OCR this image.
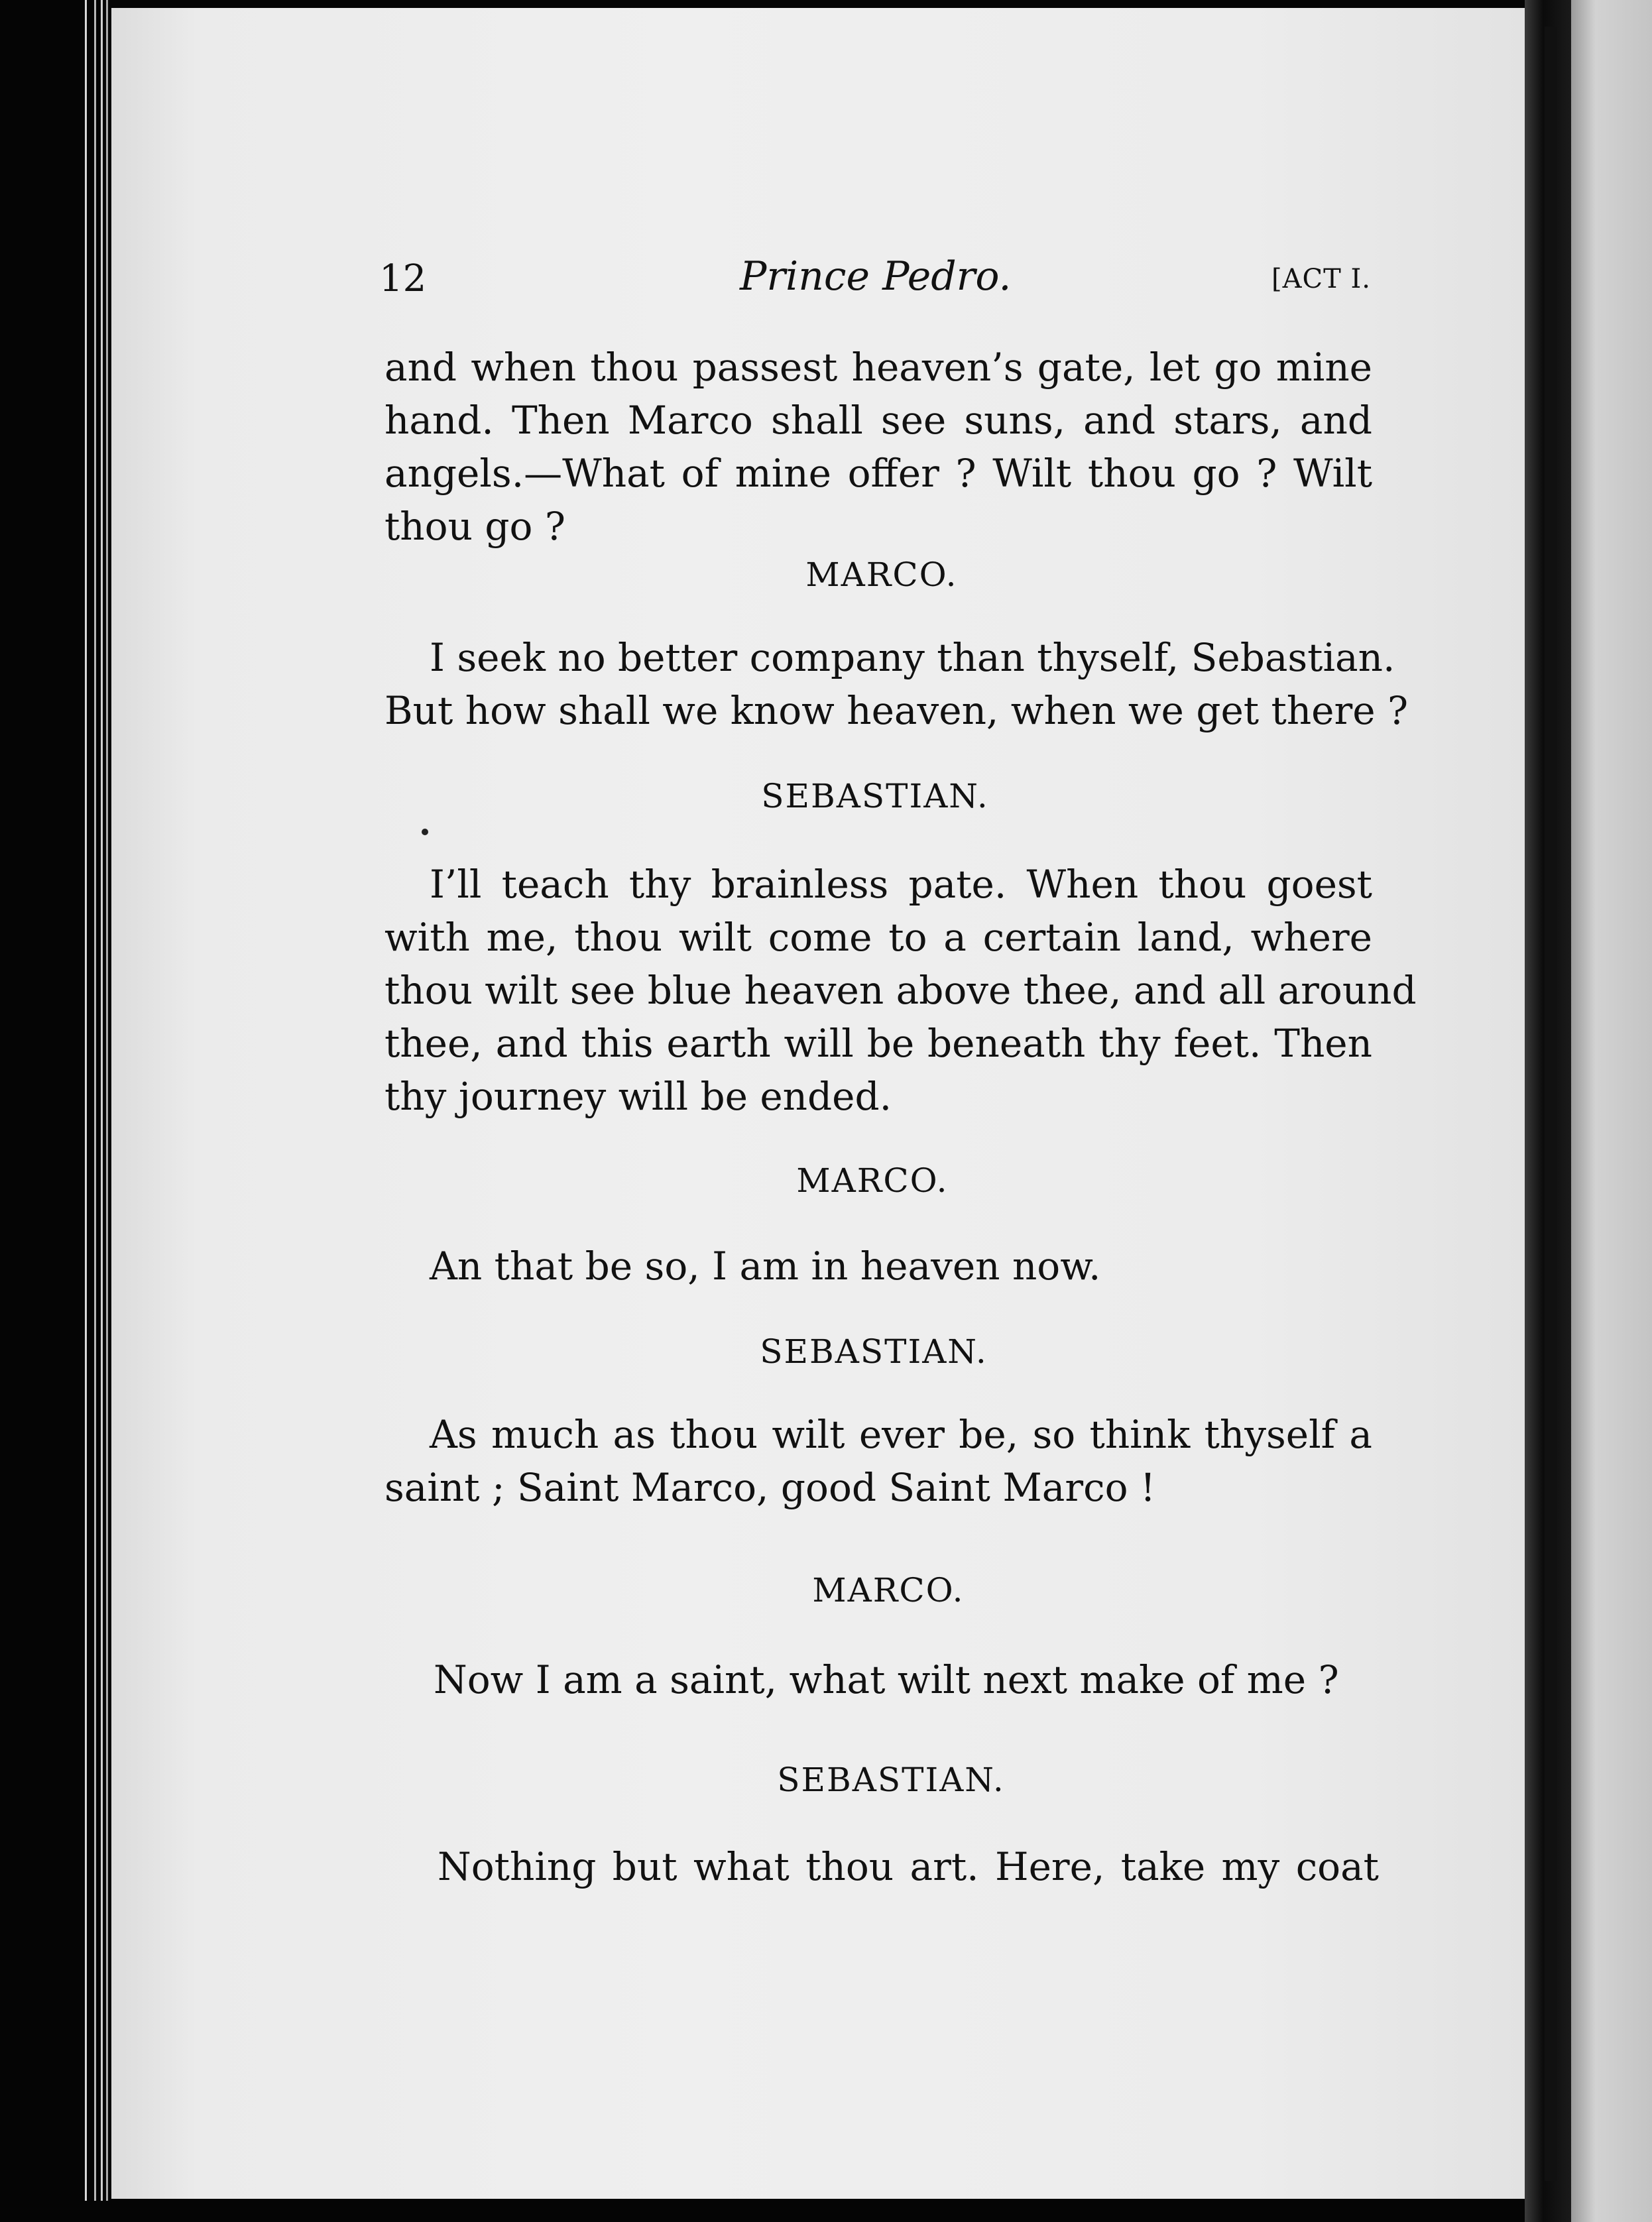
12	Prince Pedro.	[ACT I.
and when thou passest heaven’s gate, let go mine
hand. Then Marco shall see suns, and stars, and
angels.—What of mine offer ? Wilt thou go ? Wilt
thou go ?
MARCO.
I seek no better company than thyself, Sebastian.
But how shall we know heaven, when we get there ?
SEBASTIAN.
I’ll teach thy brainless pate. When thou goest
with me, thou wilt come to a certain land, where
thou wilt see blue heaven above thee, and all around
thee, and this earth will be beneath thy feet. Then
thy journey will be ended.
MARCO.
An that be so, I am in heaven now.
SEBASTIAN.
As much as thou wilt ever be, so think thyself a
saint ; Saint Marco, good Saint Marco !
MARCO.
Now I am a saint, what wilt next make of me ?
SEBASTIAN.
Nothing but what thou art. Here, take my coat
